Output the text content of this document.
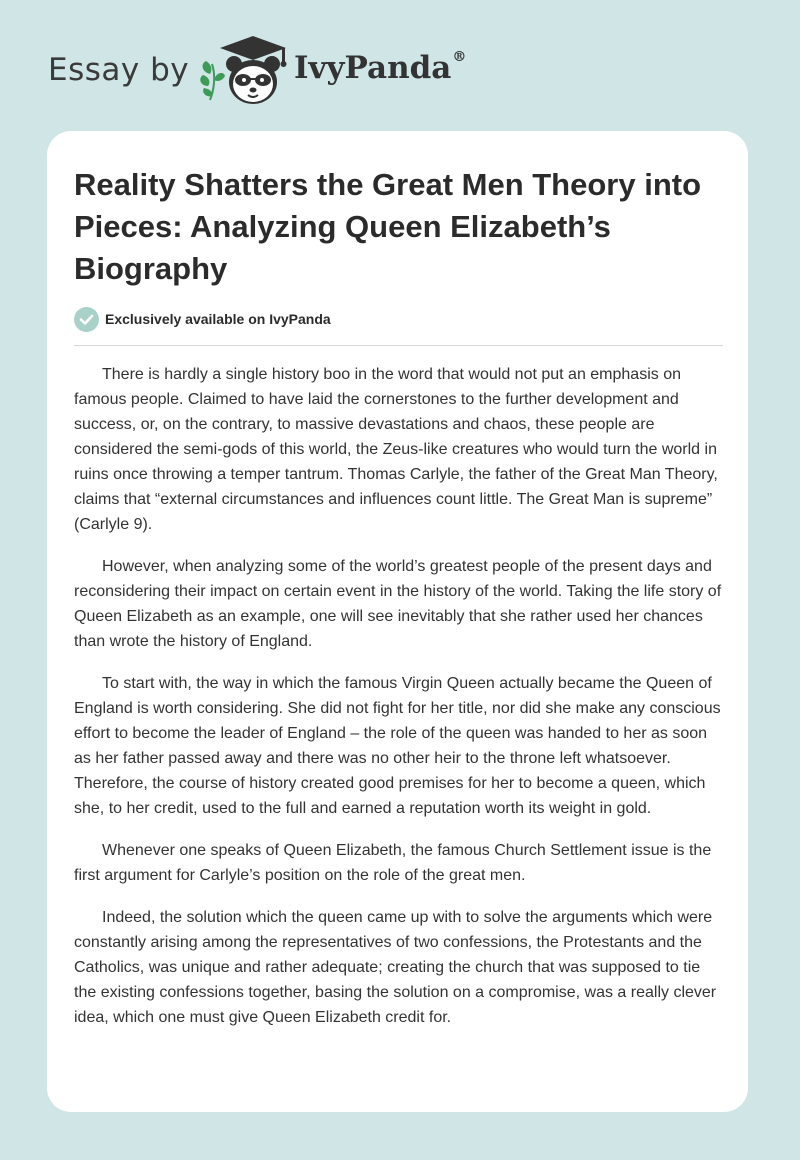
Essay by	IvyPanda®
Reality Shatters the Great Men Theory into Pieces: Analyzing Queen Elizabeth’s Biography
Exclusively available on IvyPanda

There is hardly a single history boo in the word that would not put an emphasis on famous people. Claimed to have laid the cornerstones to the further development and success, or, on the contrary, to massive devastations and chaos, these people are considered the semi-gods of this world, the Zeus-like creatures who would turn the world in ruins once throwing a temper tantrum. Thomas Carlyle, the father of the Great Man Theory, claims that “external circumstances and influences count little. The Great Man is supreme” (Carlyle 9).

However, when analyzing some of the world’s greatest people of the present days and reconsidering their impact on certain event in the history of the world. Taking the life story of Queen Elizabeth as an example, one will see inevitably that she rather used her chances than wrote the history of England.

To start with, the way in which the famous Virgin Queen actually became the Queen of England is worth considering. She did not fight for her title, nor did she make any conscious effort to become the leader of England – the role of the queen was handed to her as soon as her father passed away and there was no other heir to the throne left whatsoever. Therefore, the course of history created good premises for her to become a queen, which she, to her credit, used to the full and earned a reputation worth its weight in gold.

Whenever one speaks of Queen Elizabeth, the famous Church Settlement issue is the first argument for Carlyle’s position on the role of the great men.

Indeed, the solution which the queen came up with to solve the arguments which were constantly arising among the representatives of two confessions, the Protestants and the Catholics, was unique and rather adequate; creating the church that was supposed to tie the existing confessions together, basing the solution on a compromise, was a really clever idea, which one must give Queen Elizabeth credit for.
